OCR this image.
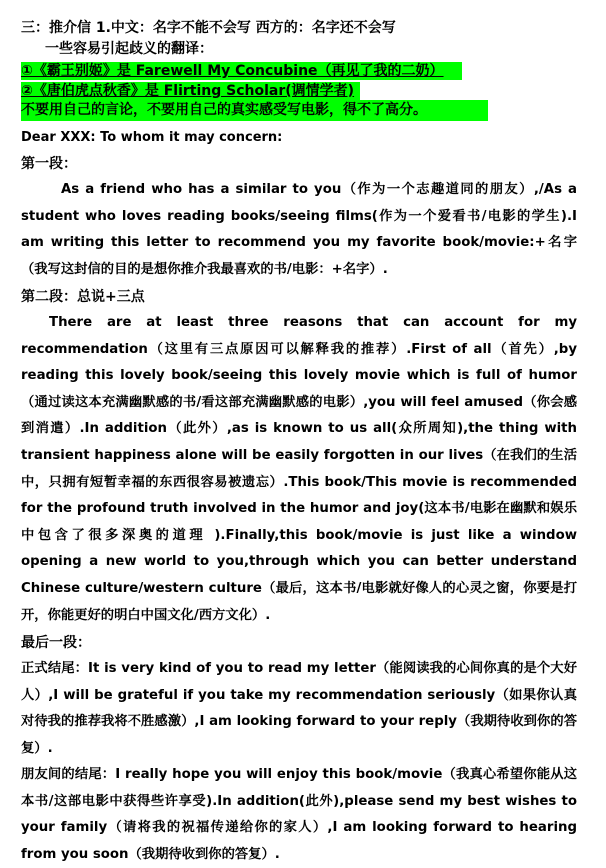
三：推介信 1.中文：名字不能不会写 西方的：名字还不会写
一些容易引起歧义的翻译：
①《霸王别姬》是 Farewell My Concubine（再见了我的二奶）
②《唐伯虎点秋香》是 Flirting Scholar(调情学者)
不要用自己的言论，不要用自己的真实感受写电影，得不了高分。
Dear XXX: To whom it may concern:
第一段：
As a friend who has a similar to you（作为一个志趣道同的朋友）,/As a student who loves reading books/seeing films(作为一个爱看书/电影的学生).I am writing this letter to recommend you my favorite book/movie:+名字（我写这封信的目的是想你推介我最喜欢的书/电影：+名字）.
第二段：总说+三点
There are at least three reasons that can account for my recommendation（这里有三点原因可以解释我的推荐）.First of all（首先）,by reading this lovely book/seeing this lovely movie which is full of humor（通过读这本充满幽默感的书/看这部充满幽默感的电影）,you will feel amused（你会感到消遣）.In addition（此外）,as is known to us all(众所周知),the thing with transient happiness alone will be easily forgotten in our lives（在我们的生活中，只拥有短暂幸福的东西很容易被遗忘）.This book/This movie is recommended for the profound truth involved in the humor and joy(这本书/电影在幽默和娱乐中包含了很多深奥的道理 ).Finally,this book/movie is just like a window opening a new world to you,through which you can better understand Chinese culture/western culture（最后，这本书/电影就好像人的心灵之窗，你要是打开，你能更好的明白中国文化/西方文化）.
最后一段：
正式结尾：It is very kind of you to read my letter（能阅读我的心间你真的是个大好人）,I will be grateful if you take my recommendation seriously（如果你认真对待我的推荐我将不胜感激）,I am looking forward to your reply（我期待收到你的答复）.
朋友间的结尾：I really hope you will enjoy this book/movie（我真心希望你能从这本书/这部电影中获得些许享受).In addition(此外),please send my best wishes to your family（请将我的祝福传递给你的家人）,I am looking forward to hearing from you soon（我期待收到你的答复）.
